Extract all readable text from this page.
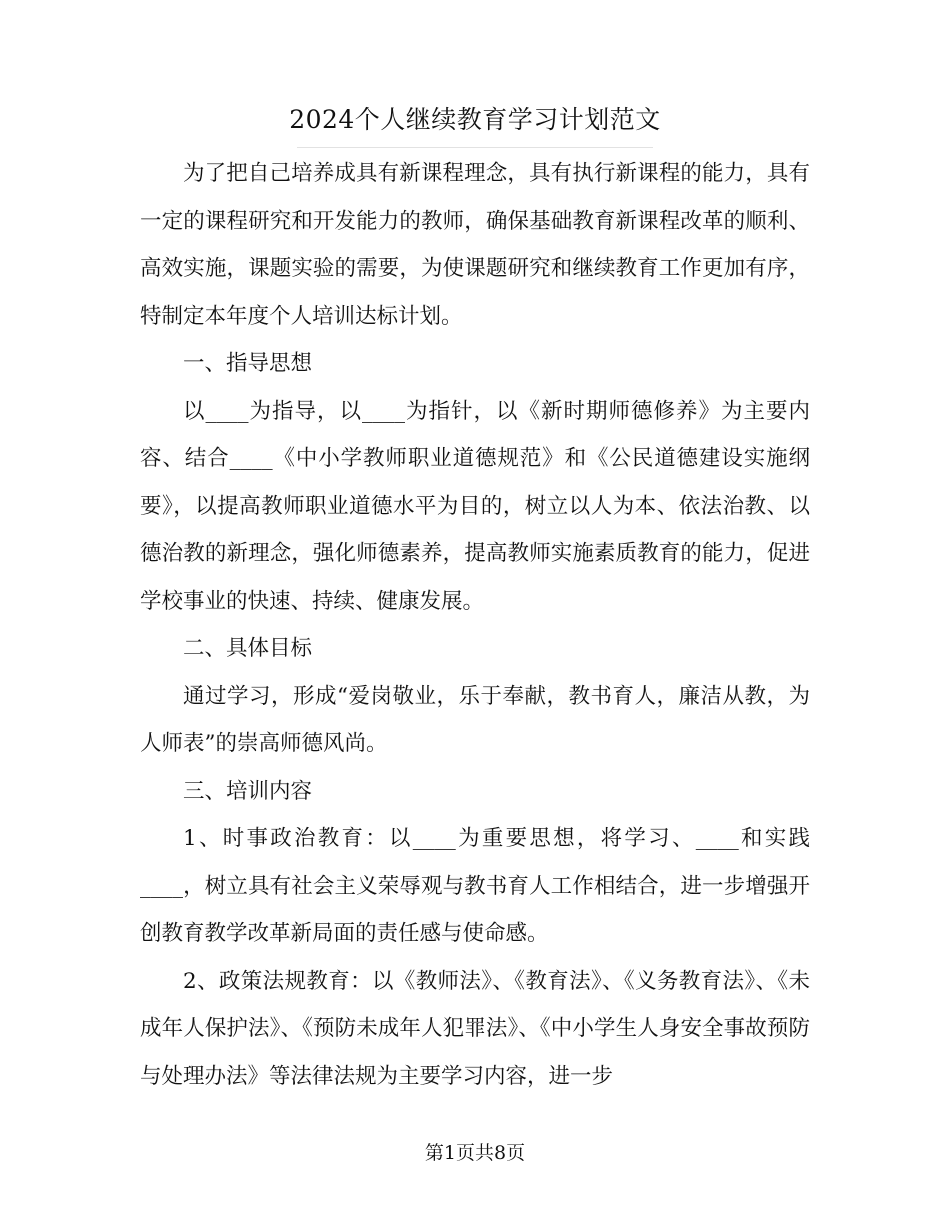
2024个人继续教育学习计划范文

为了把自己培养成具有新课程理念，具有执行新课程的能力，具有一定的课程研究和开发能力的教师，确保基础教育新课程改革的顺利、高效实施，课题实验的需要，为使课题研究和继续教育工作更加有序，特制定本年度个人培训达标计划。

一、指导思想

以____为指导，以____为指针，以《新时期师德修养》为主要内容、结合____《中小学教师职业道德规范》和《公民道德建设实施纲要》，以提高教师职业道德水平为目的，树立以人为本、依法治教、以德治教的新理念，强化师德素养，提高教师实施素质教育的能力，促进学校事业的快速、持续、健康发展。

二、具体目标

通过学习，形成“爱岗敬业，乐于奉献，教书育人，廉洁从教，为人师表”的崇高师德风尚。

三、培训内容

1、时事政治教育：以____为重要思想，将学习、____和实践____，树立具有社会主义荣辱观与教书育人工作相结合，进一步增强开创教育教学改革新局面的责任感与使命感。

2、政策法规教育：以《教师法》、《教育法》、《义务教育法》、《未成年人保护法》、《预防未成年人犯罪法》、《中小学生人身安全事故预防与处理办法》等法律法规为主要学习内容，进一步

第1页共8页
